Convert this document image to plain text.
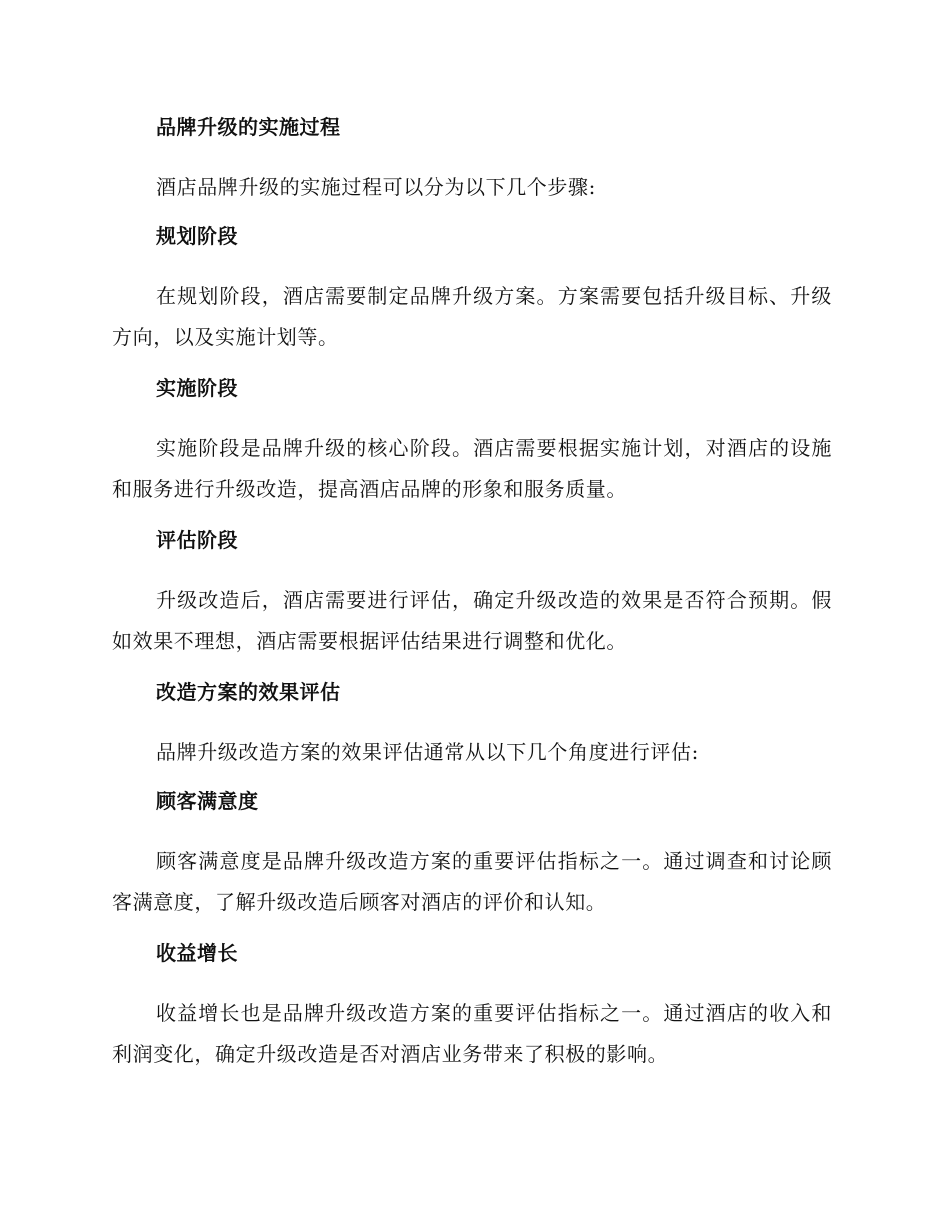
品牌升级的实施过程

酒店品牌升级的实施过程可以分为以下几个步骤:

规划阶段

在规划阶段，酒店需要制定品牌升级方案。方案需要包括升级目标、升级方向，以及实施计划等。

实施阶段

实施阶段是品牌升级的核心阶段。酒店需要根据实施计划，对酒店的设施和服务进行升级改造，提高酒店品牌的形象和服务质量。

评估阶段

升级改造后，酒店需要进行评估，确定升级改造的效果是否符合预期。假如效果不理想，酒店需要根据评估结果进行调整和优化。

改造方案的效果评估

品牌升级改造方案的效果评估通常从以下几个角度进行评估:

顾客满意度

顾客满意度是品牌升级改造方案的重要评估指标之一。通过调查和讨论顾客满意度，了解升级改造后顾客对酒店的评价和认知。

收益增长

收益增长也是品牌升级改造方案的重要评估指标之一。通过酒店的收入和利润变化，确定升级改造是否对酒店业务带来了积极的影响。
